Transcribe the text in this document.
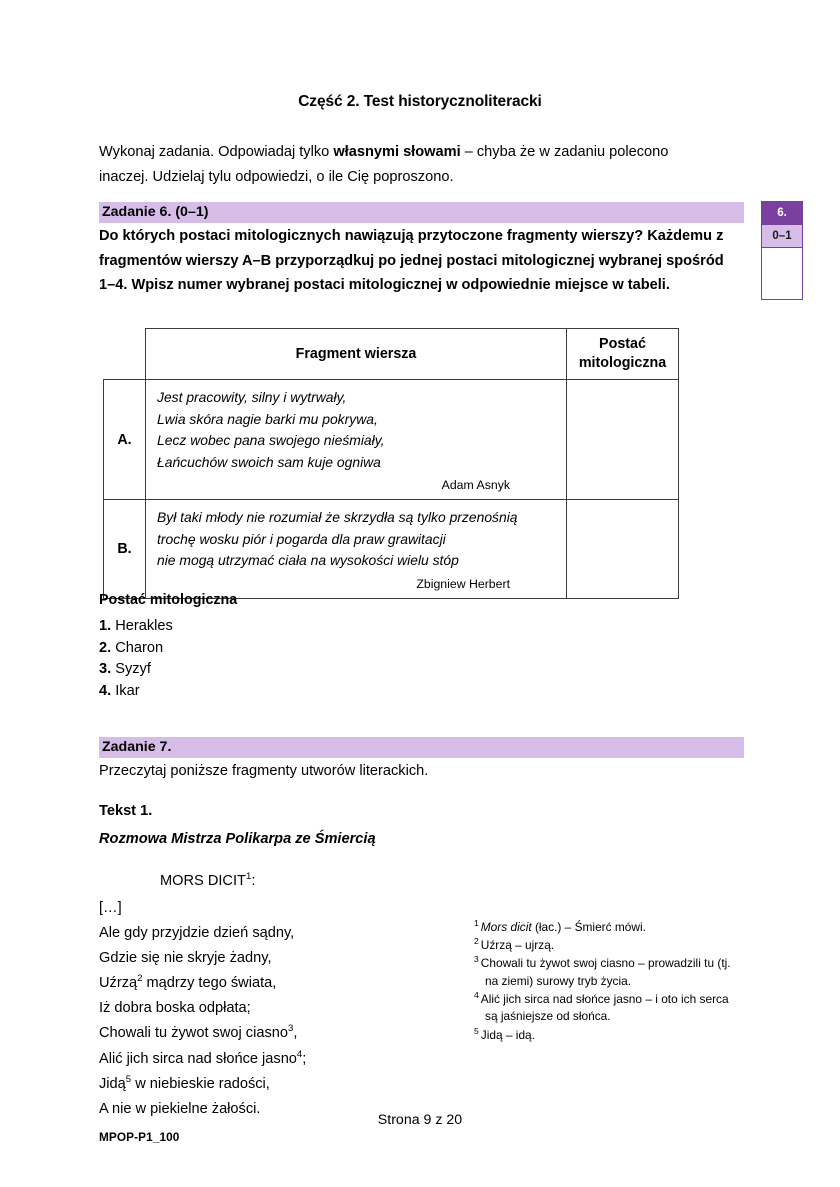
Część 2. Test historycznoliteracki
Wykonaj zadania. Odpowiadaj tylko własnymi słowami – chyba że w zadaniu polecono inaczej. Udzielaj tylu odpowiedzi, o ile Cię poproszono.
Zadanie 6. (0–1)
Do których postaci mitologicznych nawiązują przytoczone fragmenty wierszy? Każdemu z fragmentów wierszy A–B przyporządkuj po jednej postaci mitologicznej wybranej spośród 1–4. Wpisz numer wybranej postaci mitologicznej w odpowiednie miejsce w tabeli.
6.
0–1
	Fragment wiersza	Postać
mitologiczna
A.	Jest pracowity, silny i wytrwały,
Lwia skóra nagie barki mu pokrywa,
Lecz wobec pana swojego nieśmiały,
Łańcuchów swoich sam kuje ogniwa
Adam Asnyk	

B.	Był taki młody nie rozumiał że skrzydła są tylko przenośnią
trochę wosku piór i pogarda dla praw grawitacji
nie mogą utrzymać ciała na wysokości wielu stóp
Zbigniew Herbert	

Postać mitologiczna
1. Herakles
2. Charon
3. Syzyf
4. Ikar
Zadanie 7.
Przeczytaj poniższe fragmenty utworów literackich.
Tekst 1.
Rozmowa Mistrza Polikarpa ze Śmiercią
MORS DICIT$^1$:
[…]
Ale gdy przyjdzie dzień sądny,
Gdzie się nie skryje żadny,
Uźrzą$^2$ mądrzy tego świata,
Iż dobra boska odpłata;
Chowali tu żywot swoj ciasno$^3$,
Alić jich sirca nad słońce jasno$^4$;
Jidą$^5$ w niebieskie radości,
A nie w piekielne żałości.
$^1$ Mors dicit (łac.) – Śmierć mówi.
$^2$ Uźrzą – ujrzą.
$^3$ Chowali tu żywot swoj ciasno – prowadzili tu (tj. na ziemi) surowy tryb życia.
$^4$ Alić jich sirca nad słońce jasno – i oto ich serca są jaśniejsze od słońca.
$^5$ Jidą – idą.
Strona 9 z 20
MPOP-P1_100
